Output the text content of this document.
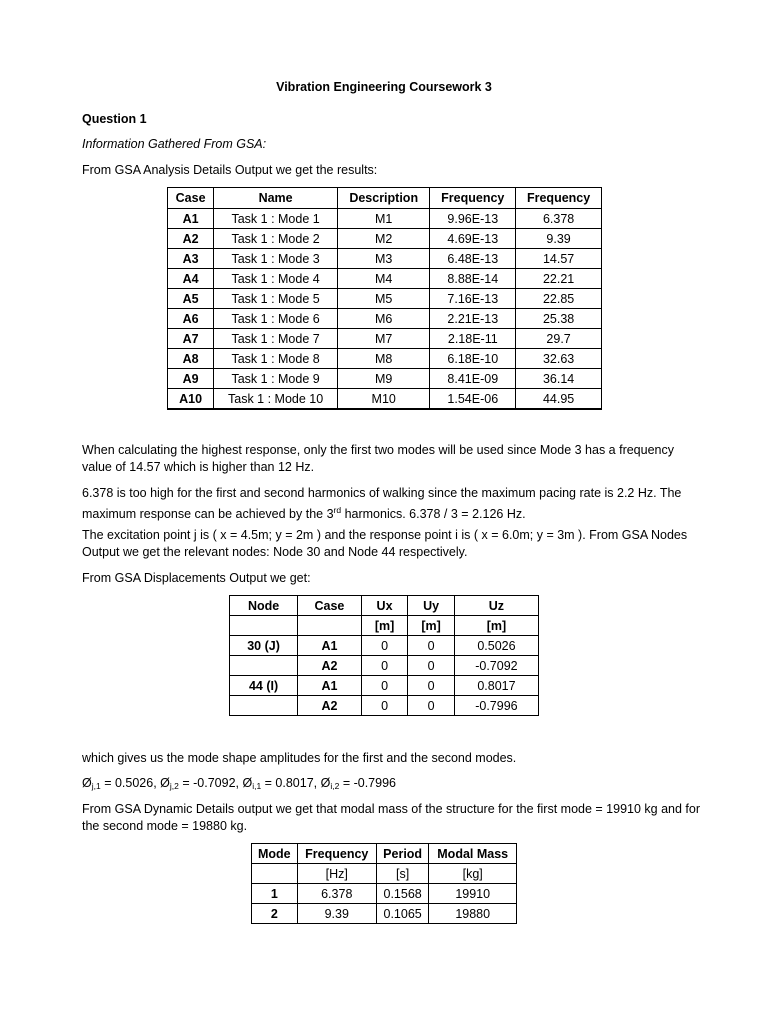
Vibration Engineering Coursework 3
Question 1
Information Gathered From GSA:
From GSA Analysis Details Output we get the results:
Case	Name	Description	Frequency	Frequency
A1	Task 1 : Mode 1	M1	9.96E-13	6.378
A2	Task 1 : Mode 2	M2	4.69E-13	9.39
A3	Task 1 : Mode 3	M3	6.48E-13	14.57
A4	Task 1 : Mode 4	M4	8.88E-14	22.21
A5	Task 1 : Mode 5	M5	7.16E-13	22.85
A6	Task 1 : Mode 6	M6	2.21E-13	25.38
A7	Task 1 : Mode 7	M7	2.18E-11	29.7
A8	Task 1 : Mode 8	M8	6.18E-10	32.63
A9	Task 1 : Mode 9	M9	8.41E-09	36.14
A10	Task 1 : Mode 10	M10	1.54E-06	44.95
When calculating the highest response, only the first two modes will be used since Mode 3 has a frequency value of 14.57 which is higher than 12 Hz.
6.378 is too high for the first and second harmonics of walking since the maximum pacing rate is 2.2 Hz. The maximum response can be achieved by the 3rd harmonics. 6.378 / 3 = 2.126 Hz.
The excitation point j is ( x = 4.5m; y = 2m ) and the response point i is ( x = 6.0m; y = 3m ). From GSA Nodes Output we get the relevant nodes: Node 30 and Node 44 respectively.
From GSA Displacements Output we get:
Node	Case	Ux	Uy	Uz
		[m]	[m]	[m]
30 (J)	A1	0	0	0.5026
	A2	0	0	-0.7092
44 (I)	A1	0	0	0.8017
	A2	0	0	-0.7996
which gives us the mode shape amplitudes for the first and the second modes.
$Ø_{j,1} = 0.5026$, $Ø_{j,2} = -0.7092$, $Ø_{i,1} = 0.8017$, $Ø_{i,2} = -0.7996$
From GSA Dynamic Details output we get that modal mass of the structure for the first mode = 19910 kg and for the second mode = 19880 kg.
Mode	Frequency	Period	Modal Mass
	[Hz]	[s]	[kg]
1	6.378	0.1568	19910
2	9.39	0.1065	19880
